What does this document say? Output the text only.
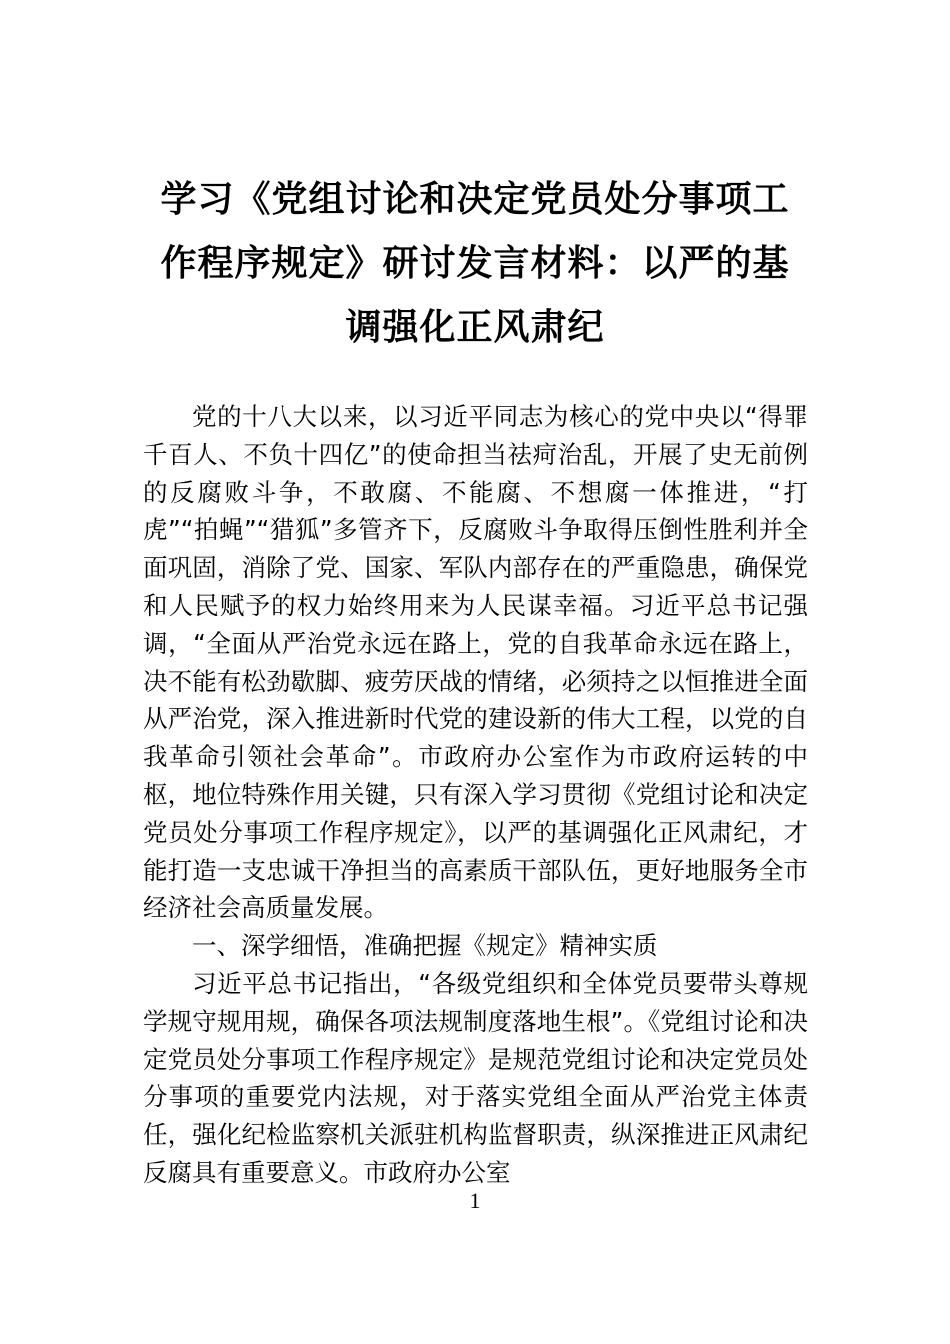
学习《党组讨论和决定党员处分事项工作程序规定》研讨发言材料：以严的基调强化正风肃纪

党的十八大以来，以习近平同志为核心的党中央以“得罪千百人、不负十四亿”的使命担当祛疴治乱，开展了史无前例的反腐败斗争，不敢腐、不能腐、不想腐一体推进，“打虎”“拍蝇”“猎狐”多管齐下，反腐败斗争取得压倒性胜利并全面巩固，消除了党、国家、军队内部存在的严重隐患，确保党和人民赋予的权力始终用来为人民谋幸福。习近平总书记强调，“全面从严治党永远在路上，党的自我革命永远在路上，决不能有松劲歇脚、疲劳厌战的情绪，必须持之以恒推进全面从严治党，深入推进新时代党的建设新的伟大工程，以党的自我革命引领社会革命”。市政府办公室作为市政府运转的中枢，地位特殊作用关键，只有深入学习贯彻《党组讨论和决定党员处分事项工作程序规定》，以严的基调强化正风肃纪，才能打造一支忠诚干净担当的高素质干部队伍，更好地服务全市经济社会高质量发展。

一、深学细悟，准确把握《规定》精神实质

习近平总书记指出，“各级党组织和全体党员要带头尊规学规守规用规，确保各项法规制度落地生根”。《党组讨论和决定党员处分事项工作程序规定》是规范党组讨论和决定党员处分事项的重要党内法规，对于落实党组全面从严治党主体责任，强化纪检监察机关派驻机构监督职责，纵深推进正风肃纪反腐具有重要意义。市政府办公室

1
